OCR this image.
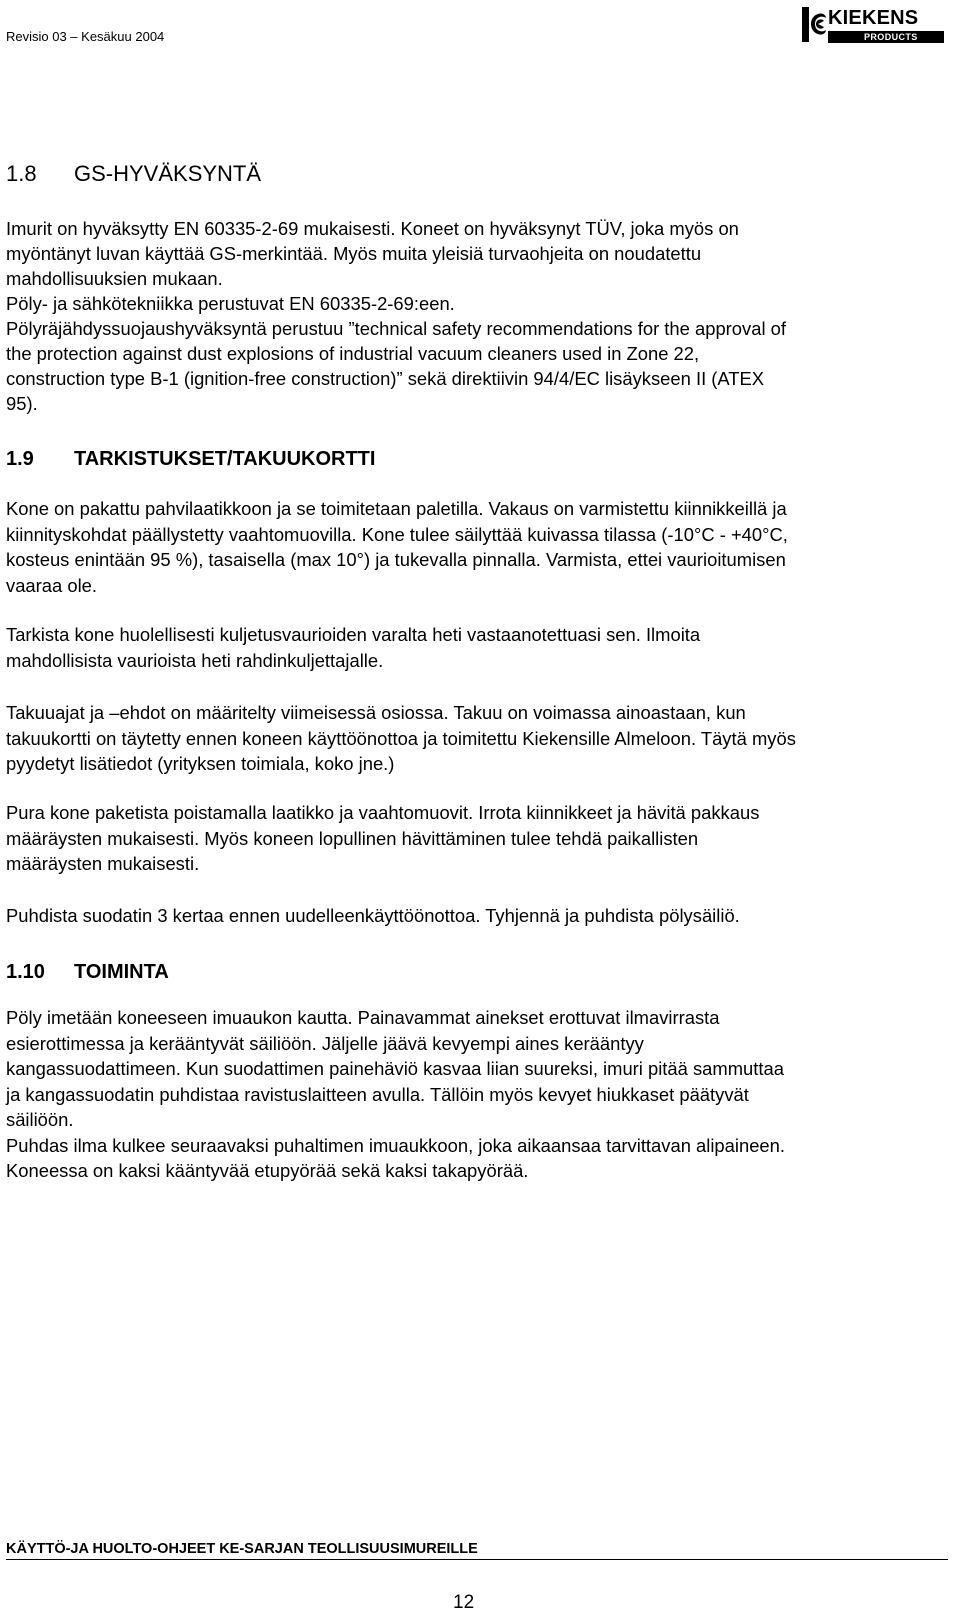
Revisio 03 – Kesäkuu 2004
KIEKENS
PRODUCTS
1.8 GS-HYVÄKSYNTÄ
Imurit on hyväksytty EN 60335-2-69 mukaisesti. Koneet on hyväksynyt TÜV, joka myös on
myöntänyt luvan käyttää GS-merkintää. Myös muita yleisiä turvaohjeita on noudatettu
mahdollisuuksien mukaan.
Pöly- ja sähkötekniikka perustuvat EN 60335-2-69:een.
Pölyräjähdyssuojaushyväksyntä perustuu ”technical safety recommendations for the approval of
the protection against dust explosions of industrial vacuum cleaners used in Zone 22,
construction type B-1 (ignition-free construction)” sekä direktiivin 94/4/EC lisäykseen II (ATEX
95).
1.9 TARKISTUKSET/TAKUUKORTTI
Kone on pakattu pahvilaatikkoon ja se toimitetaan paletilla. Vakaus on varmistettu kiinnikkeillä ja
kiinnityskohdat päällystetty vaahtomuovilla. Kone tulee säilyttää kuivassa tilassa (-10°C - +40°C,
kosteus enintään 95 %), tasaisella (max 10°) ja tukevalla pinnalla. Varmista, ettei vaurioitumisen
vaaraa ole.
Tarkista kone huolellisesti kuljetusvaurioiden varalta heti vastaanotettuasi sen. Ilmoita
mahdollisista vaurioista heti rahdinkuljettajalle.
Takuuajat ja –ehdot on määritelty viimeisessä osiossa. Takuu on voimassa ainoastaan, kun
takuukortti on täytetty ennen koneen käyttöönottoa ja toimitettu Kiekensille Almeloon. Täytä myös
pyydetyt lisätiedot (yrityksen toimiala, koko jne.)
Pura kone paketista poistamalla laatikko ja vaahtomuovit. Irrota kiinnikkeet ja hävitä pakkaus
määräysten mukaisesti. Myös koneen lopullinen hävittäminen tulee tehdä paikallisten
määräysten mukaisesti.
Puhdista suodatin 3 kertaa ennen uudelleenkäyttöönottoa. Tyhjennä ja puhdista pölysäiliö.
1.10 TOIMINTA
Pöly imetään koneeseen imuaukon kautta. Painavammat ainekset erottuvat ilmavirrasta
esierottimessa ja kerääntyvät säiliöön. Jäljelle jäävä kevyempi aines kerääntyy
kangassuodattimeen. Kun suodattimen painehäviö kasvaa liian suureksi, imuri pitää sammuttaa
ja kangassuodatin puhdistaa ravistuslaitteen avulla. Tällöin myös kevyet hiukkaset päätyvät
säiliöön.
Puhdas ilma kulkee seuraavaksi puhaltimen imuaukkoon, joka aikaansaa tarvittavan alipaineen.
Koneessa on kaksi kääntyvää etupyörää sekä kaksi takapyörää.
KÄYTTÖ-JA HUOLTO-OHJEET KE-SARJAN TEOLLISUUSIMUREILLE
12
